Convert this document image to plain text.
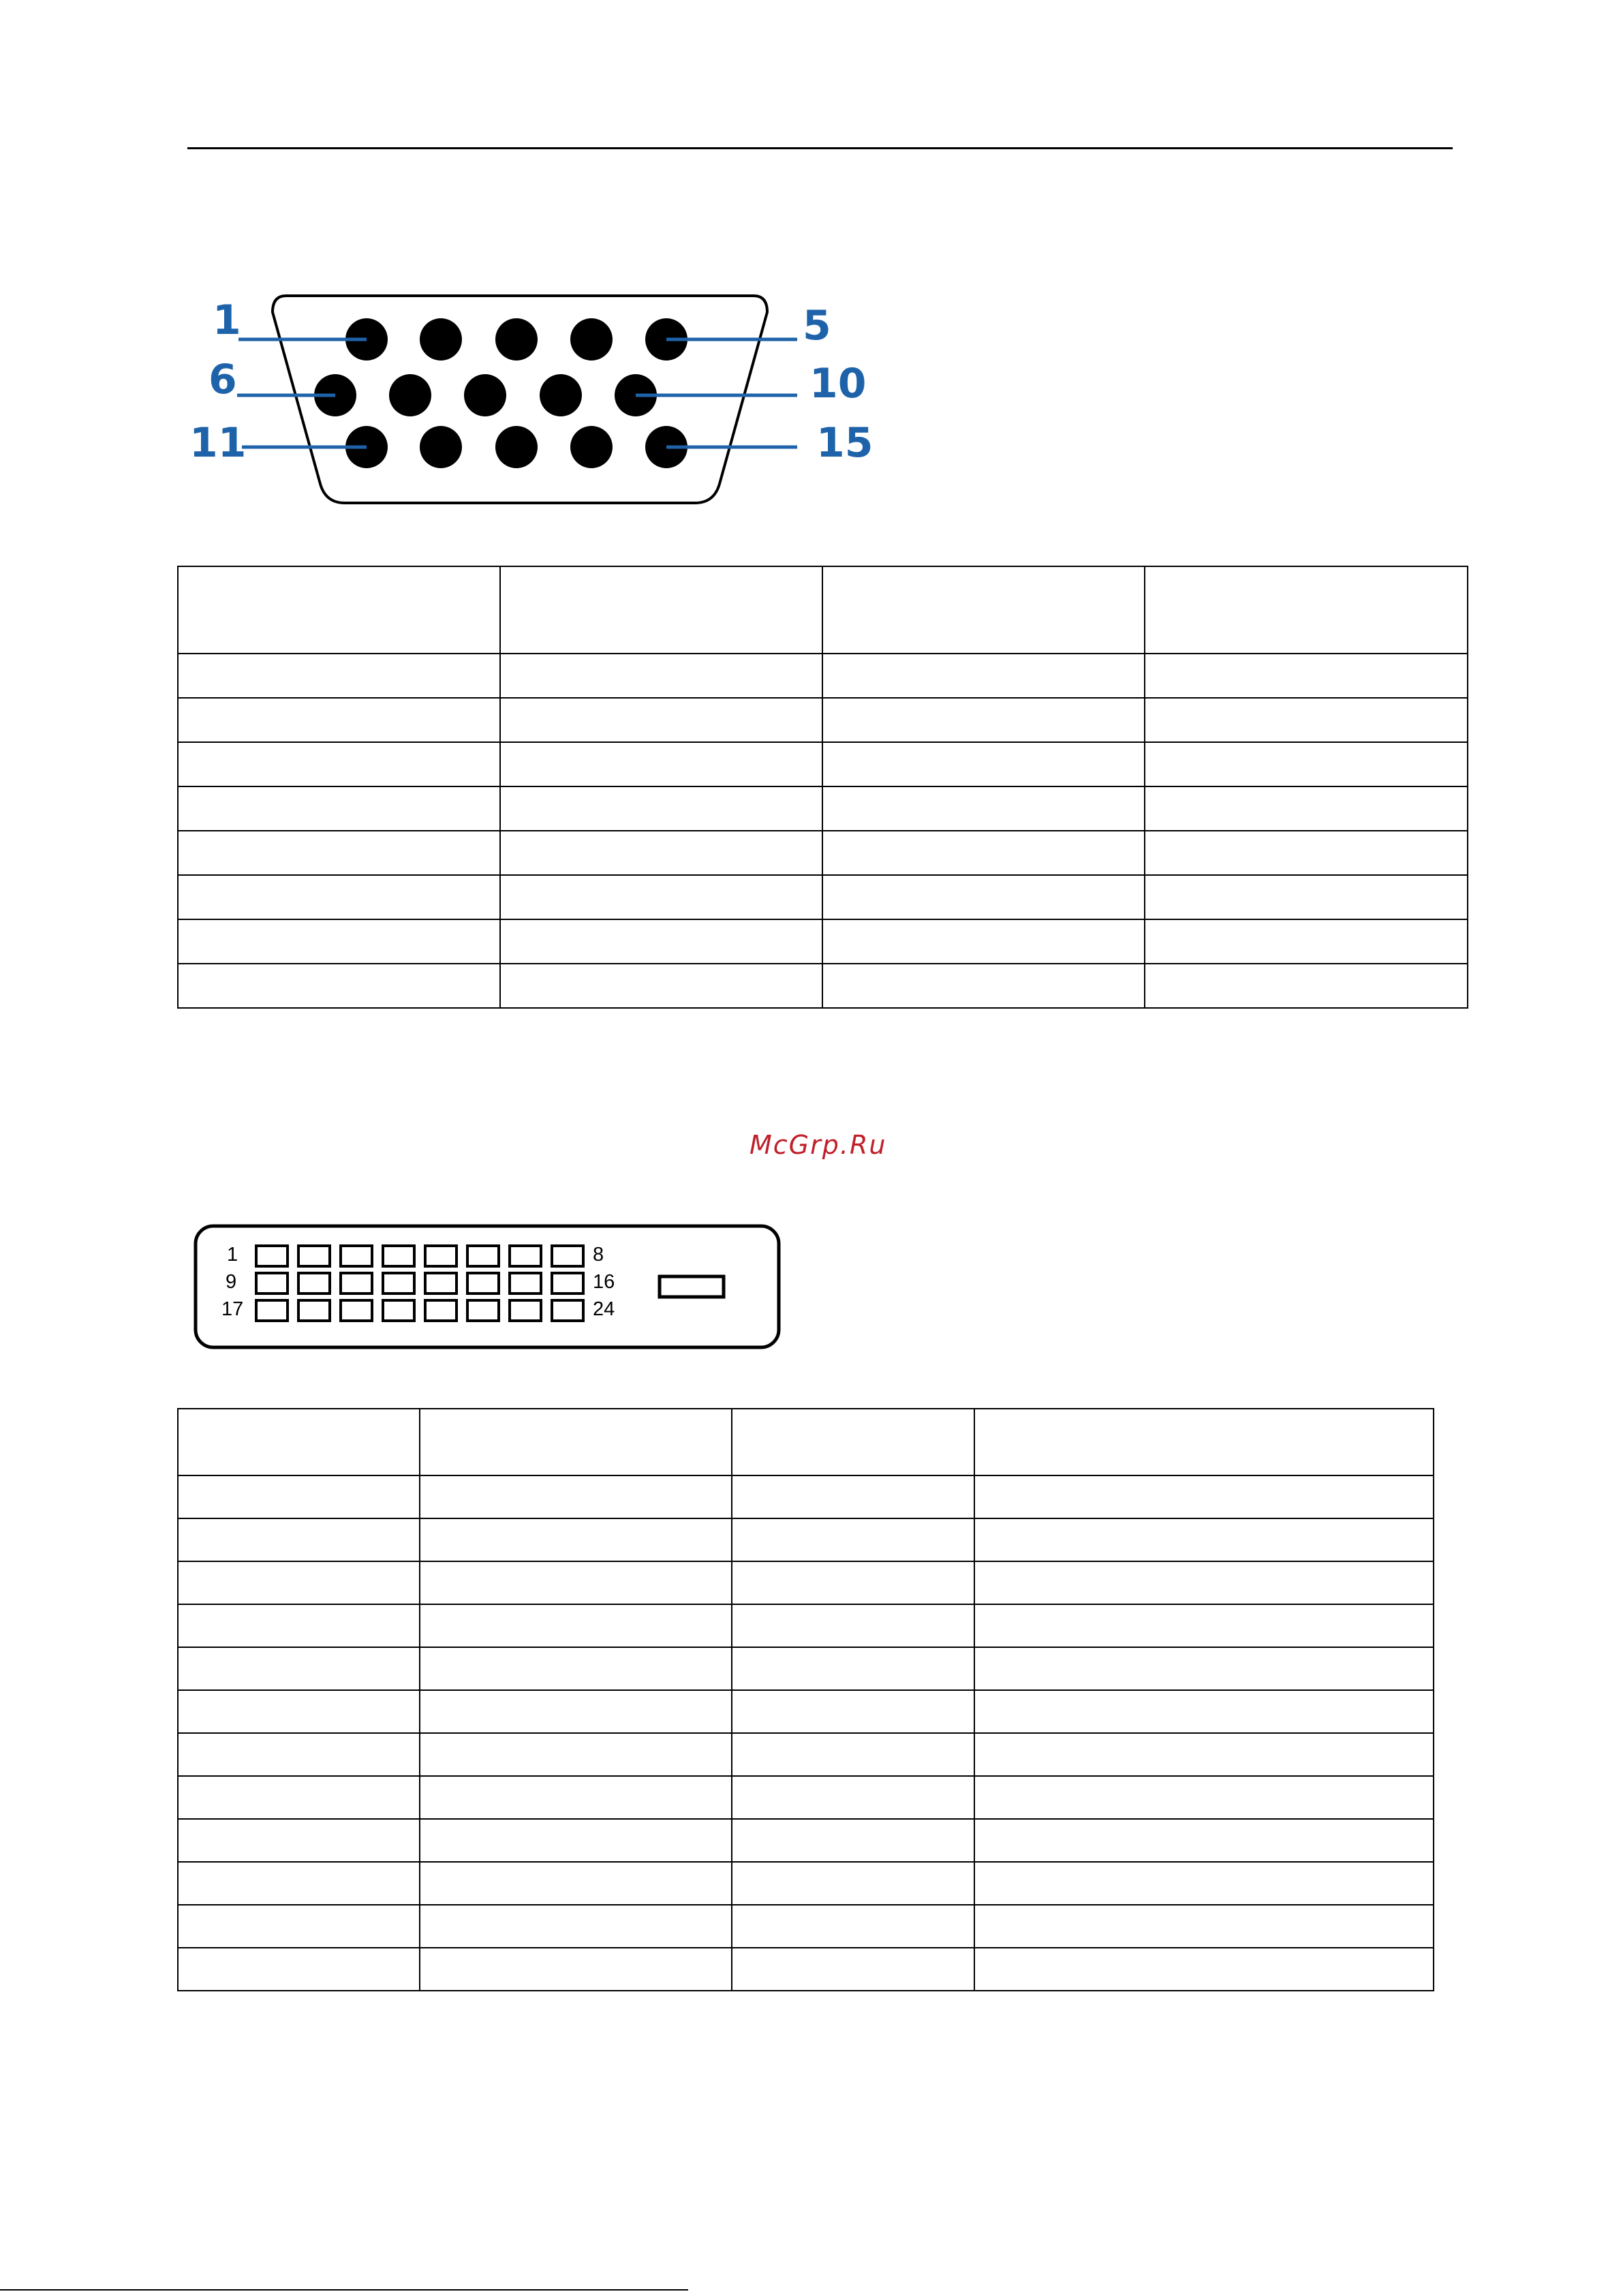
1	5
6	10
11	15

McGrp.Ru
1	8
9	16
17	24
